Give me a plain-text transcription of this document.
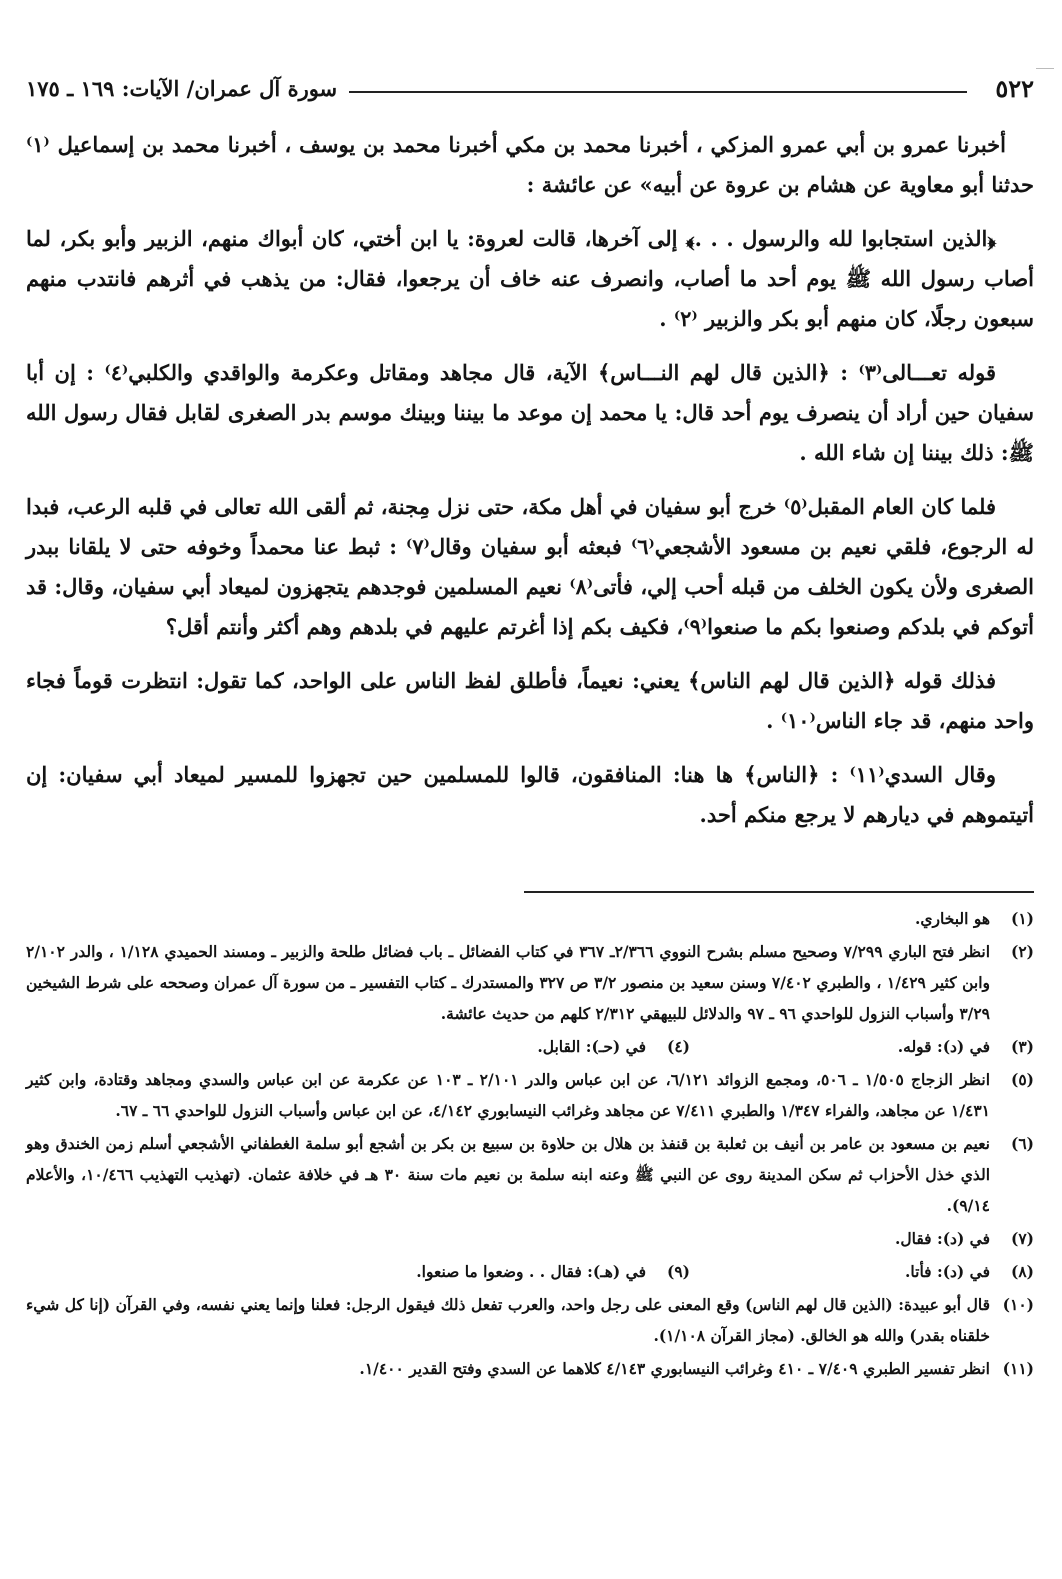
٥٢٢
سورة آل عمران/ الآيات: ١٦٩ ـ ١٧٥

أخبرنا عمرو بن أبي عمرو المزكي ، أخبرنا محمد بن مكي أخبرنا محمد بن يوسف ، أخبرنا محمد بن إسماعيل ⁽١⁾ حدثنا أبو معاوية عن هشام بن عروة عن أبيه» عن عائشة :

﴿الذين استجابوا لله والرسول . . .﴾ إلى آخرها، قالت لعروة: يا ابن أختي، كان أبواك منهم، الزبير وأبو بكر، لما أصاب رسول الله ﷺ يوم أحد ما أصاب، وانصرف عنه خاف أن يرجعوا، فقال: من يذهب في أثرهم فانتدب منهم سبعون رجلًا، كان منهم أبو بكر والزبير ⁽٢⁾ .

قوله تعـــالى⁽٣⁾ : ﴿الذين قال لهم النـــاس﴾ الآية، قال مجاهد ومقاتل وعكرمة والواقدي والكلبي⁽٤⁾ : إن أبا سفيان حين أراد أن ينصرف يوم أحد قال: يا محمد إن موعد ما بيننا وبينك موسم بدر الصغرى لقابل فقال رسول الله ﷺ: ذلك بيننا إن شاء الله .

فلما كان العام المقبل⁽٥⁾ خرج أبو سفيان في أهل مكة، حتى نزل مِجنة، ثم ألقى الله تعالى في قلبه الرعب، فبدا له الرجوع، فلقي نعيم بن مسعود الأشجعي⁽٦⁾ فبعثه أبو سفيان وقال⁽٧⁾ : ثبط عنا محمداً وخوفه حتى لا يلقانا ببدر الصغرى ولأن يكون الخلف من قبله أحب إلي، فأتى⁽٨⁾ نعيم المسلمين فوجدهم يتجهزون لميعاد أبي سفيان، وقال: قد أتوكم في بلدكم وصنعوا بكم ما صنعوا⁽٩⁾، فكيف بكم إذا أغرتم عليهم في بلدهم وهم أكثر وأنتم أقل؟

فذلك قوله ﴿الذين قال لهم الناس﴾ يعني: نعيماً، فأطلق لفظ الناس على الواحد، كما تقول: انتظرت قوماً فجاء واحد منهم، قد جاء الناس⁽١٠⁾ .

وقال السدي⁽١١⁾ : ﴿الناس﴾ ها هنا: المنافقون، قالوا للمسلمين حين تجهزوا للمسير لميعاد أبي سفيان: إن أتيتموهم في ديارهم لا يرجع منكم أحد.

(١)
هو البخاري.
(٢)
انظر فتح الباري ٧/٢٩٩ وصحيح مسلم بشرح النووي ٢/٣٦٦ـ ٣٦٧ في كتاب الفضائل ـ باب فضائل طلحة والزبير ـ ومسند الحميدي ١/١٢٨ ، والدر ٢/١٠٢ وابن كثير ١/٤٢٩ ، والطبري ٧/٤٠٢ وسنن سعيد بن منصور ٣/٢ ص ٣٢٧ والمستدرك ـ كتاب التفسير ـ من سورة آل عمران وصححه على شرط الشيخين ٣/٢٩ وأسباب النزول للواحدي ٩٦ ـ ٩٧ والدلائل للبيهقي ٢/٣١٢ كلهم من حديث عائشة.
(٣)
في (د): قوله.
(٤)
في (حـ): القابل.
(٥)
انظر الزجاج ١/٥٠٥ ـ ٥٠٦، ومجمع الزوائد ٦/١٢١، عن ابن عباس والدر ٢/١٠١ ـ ١٠٣ عن عكرمة عن ابن عباس والسدي ومجاهد وقتادة، وابن كثير ١/٤٣١ عن مجاهد، والفراء ١/٣٤٧ والطبري ٧/٤١١ عن مجاهد وغرائب النيسابوري ٤/١٤٢، عن ابن عباس وأسباب النزول للواحدي ٦٦ ـ ٦٧.
(٦)
نعيم بن مسعود بن عامر بن أنيف بن ثعلبة بن قنفذ بن هلال بن حلاوة بن سبيع بن بكر بن أشجع أبو سلمة الغطفاني الأشجعي أسلم زمن الخندق وهو الذي خذل الأحزاب ثم سكن المدينة روى عن النبي ﷺ وعنه ابنه سلمة بن نعيم مات سنة ٣٠ هـ في خلافة عثمان. (تهذيب التهذيب ١٠/٤٦٦، والأعلام ٩/١٤).
(٧)
في (د): فقال.
(٨)
في (د): فأتا.
(٩)
في (هـ): فقال . . وضعوا ما صنعوا.
(١٠)
قال أبو عبيدة: (الذين قال لهم الناس) وقع المعنى على رجل واحد، والعرب تفعل ذلك فيقول الرجل: فعلنا وإنما يعني نفسه، وفي القرآن (إنا كل شيء خلقناه بقدر) والله هو الخالق. (مجاز القرآن ١/١٠٨).
(١١)
انظر تفسير الطبري ٧/٤٠٩ ـ ٤١٠ وغرائب النيسابوري ٤/١٤٣ كلاهما عن السدي وفتح القدير ١/٤٠٠.
